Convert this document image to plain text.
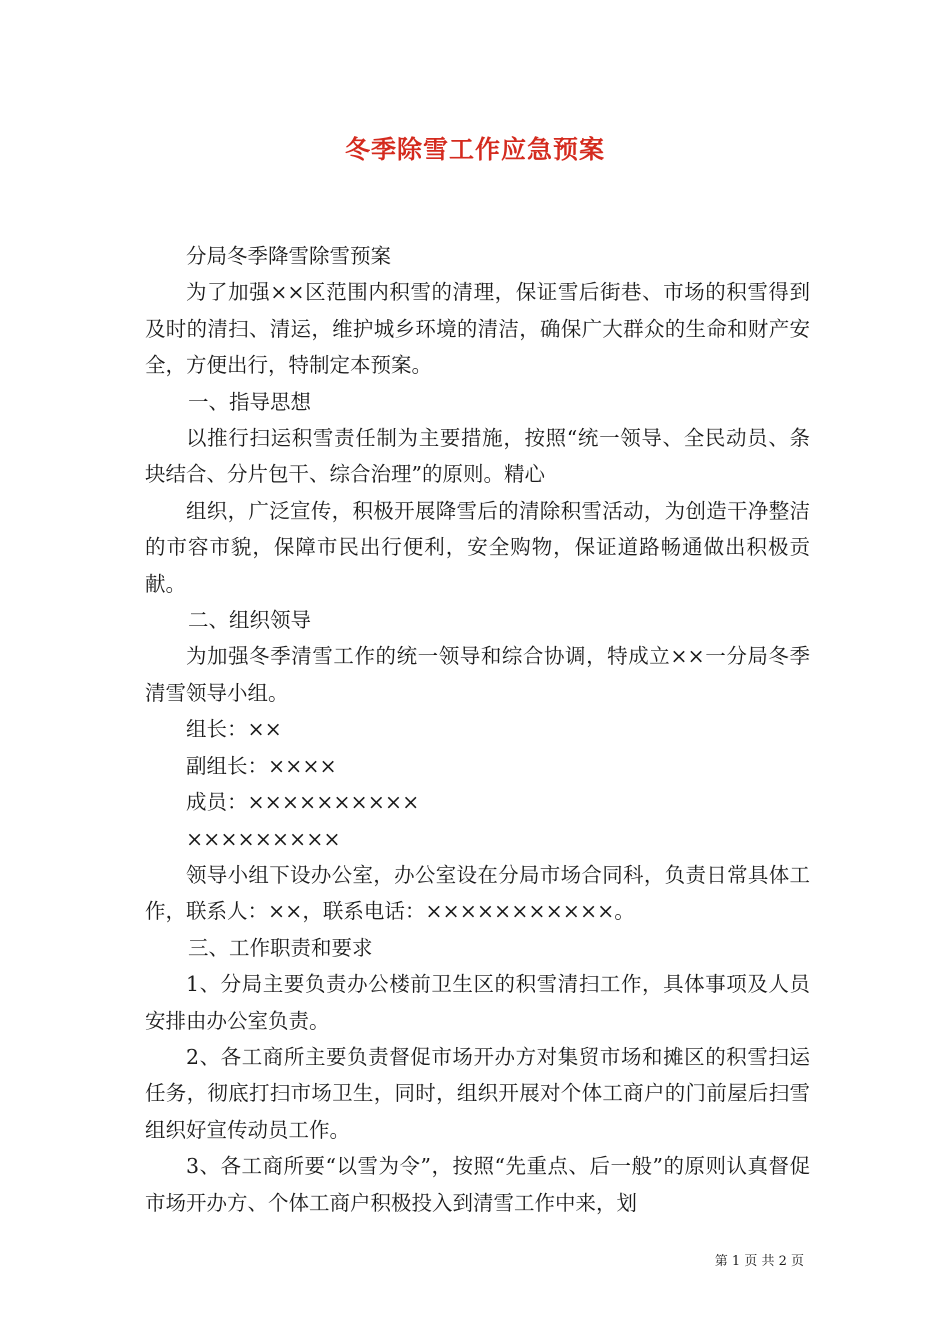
冬季除雪工作应急预案

分局冬季降雪除雪预案

为了加强××区范围内积雪的清理，保证雪后街巷、市场的积雪得到及时的清扫、清运，维护城乡环境的清洁，确保广大群众的生命和财产安全，方便出行，特制定本预案。

一、指导思想

以推行扫运积雪责任制为主要措施，按照“统一领导、全民动员、条块结合、分片包干、综合治理”的原则。精心

组织，广泛宣传，积极开展降雪后的清除积雪活动，为创造干净整洁的市容市貌，保障市民出行便利，安全购物，保证道路畅通做出积极贡献。

二、组织领导

为加强冬季清雪工作的统一领导和综合协调，特成立××一分局冬季清雪领导小组。

组长：××

副组长：××××

成员：××××××××××

×××××××××

领导小组下设办公室，办公室设在分局市场合同科，负责日常具体工作，联系人：××，联系电话：×××××××××××。

三、工作职责和要求

1、分局主要负责办公楼前卫生区的积雪清扫工作，具体事项及人员安排由办公室负责。

2、各工商所主要负责督促市场开办方对集贸市场和摊区的积雪扫运任务，彻底打扫市场卫生，同时，组织开展对个体工商户的门前屋后扫雪组织好宣传动员工作。

3、各工商所要“以雪为令”，按照“先重点、后一般”的原则认真督促市场开办方、个体工商户积极投入到清雪工作中来，划

第 1 页 共 2 页
